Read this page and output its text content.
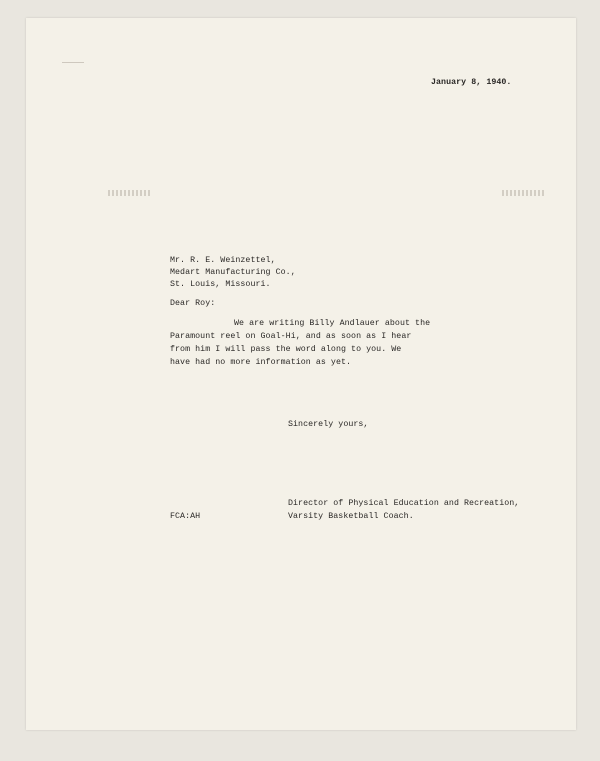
January 8, 1940.

Mr. R. E. Weinzettel,

Medart Manufacturing Co.,

St. Louis, Missouri.

Dear Roy:

We are writing Billy Andlauer about the

Paramount reel on Goal-Hi, and as soon as I hear

from him I will pass the word along to you. We

have had no more information as yet.

Sincerely yours,

Director of Physical Education and Recreation,

Varsity Basketball Coach.

FCA:AH
